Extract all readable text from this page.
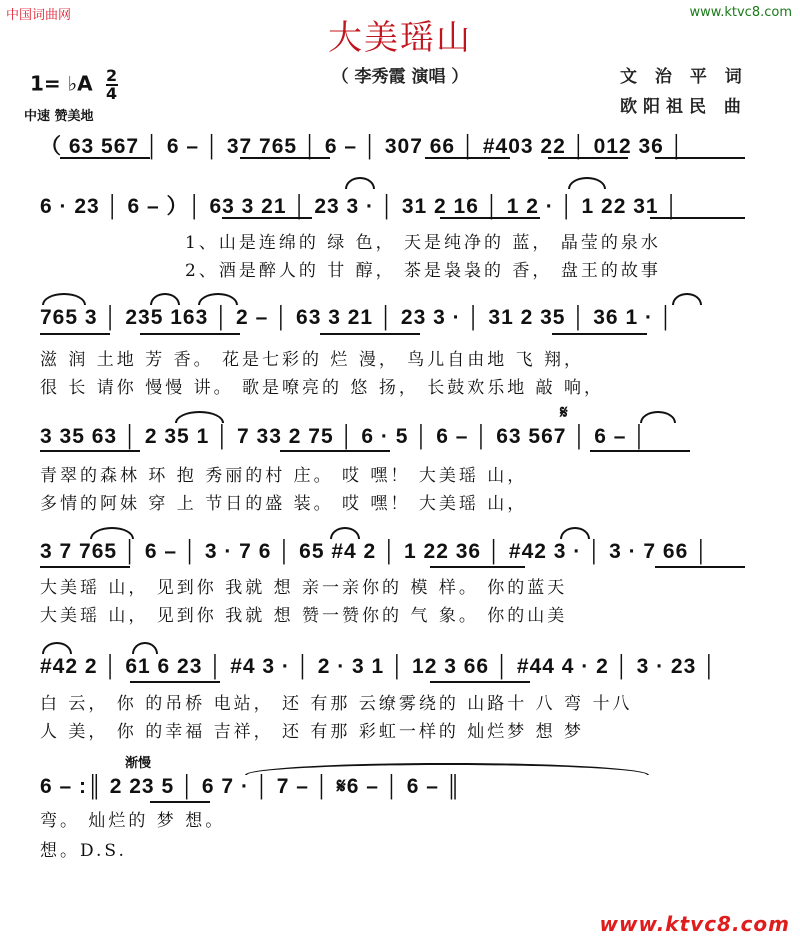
中国词曲网	www.ktvc8.com
大美瑶山
（ 李秀霞 演唱 ）	文 治 平 词
欧阳祖民 曲
1= ♭A $\frac{2}{4}$
中速 赞美地
（ 63 567 │ 6 – │ 37 765 │ 6 – │ 307 66 │ #403 22 │ 012 36 │
6 · 23 │ 6 – ）│ 63 3 21 │ 23 3 · │ 31 2 16 │ 1 2 · │ 1 22 31 │
1、山是连绵的 绿 色， 天是纯净的 蓝， 晶莹的泉水
2、酒是醉人的 甘 醇， 茶是袅袅的 香， 盘王的故事
765 3 │ 235 163 │ 2 – │ 63 3 21 │ 23 3 · │ 31 2 35 │ 36 1 · │
滋 润 土地 芳 香。 花是七彩的 烂 漫， 鸟儿自由地 飞 翔，
很 长 请你 慢慢 讲。 歌是嘹亮的 悠 扬， 长鼓欢乐地 敲 响，
𝄋
3 35 63 │ 2 35 1 │ 7 33 2 75 │ 6 · 5 │ 6 – │ 63 567 │ 6 – │
青翠的森林 环 抱 秀丽的村 庄。 哎 嘿！ 大美瑶 山，
多情的阿妹 穿 上 节日的盛 装。 哎 嘿！ 大美瑶 山，
3 7 765 │ 6 – │ 3 · 7 6 │ 65 #4 2 │ 1 22 36 │ #42 3 · │ 3 · 7 66 │
大美瑶 山， 见到你 我就 想 亲一亲你的 模 样。 你的蓝天
大美瑶 山， 见到你 我就 想 赞一赞你的 气 象。 你的山美
#42 2 │ 61 6 23 │ #4 3 · │ 2 · 3 1 │ 12 3 66 │ #44 4 · 2 │ 3 · 23 │
白 云， 你 的吊桥 电站， 还 有那 云缭雾绕的 山路十 八 弯 十八
人 美， 你 的幸福 吉祥， 还 有那 彩虹一样的 灿烂梦 想 梦
渐慢
6 – :║ 2 23 5 │ 6 7 · │ 7 – │ 𝄋6 – │ 6 – ║
弯。 灿烂的 梦 想。
想。D.S.
www.ktvc8.com
